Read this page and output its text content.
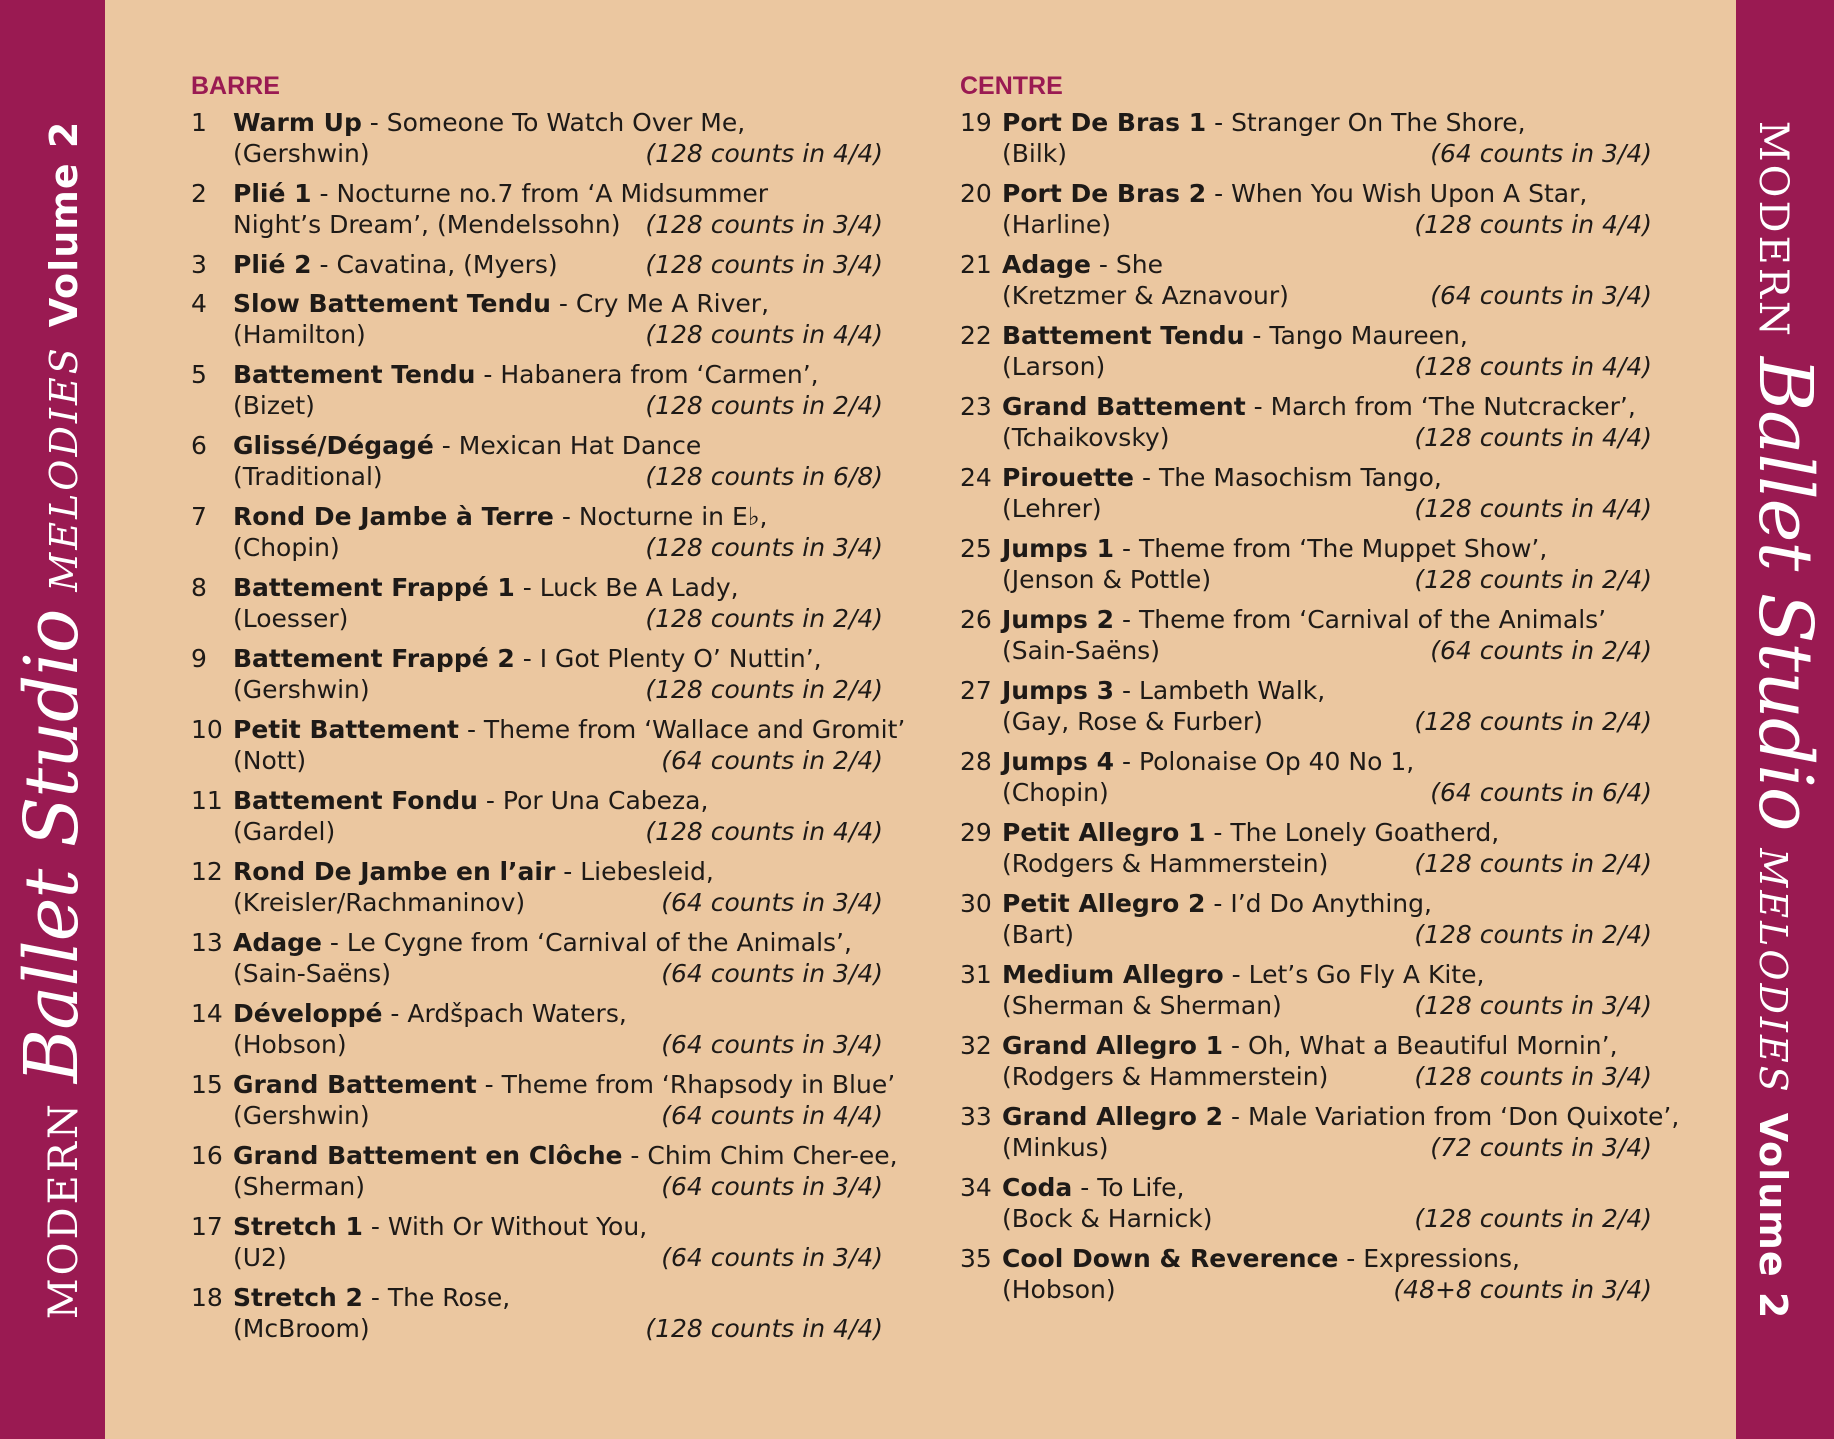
MODERN
Ballet Studio
MELODIES
Volume 2
BARRE
1	Warm Up - Someone To Watch Over Me,
(Gershwin)	(128 counts in 4/4)
2	Plié 1 - Nocturne no.7 from ‘A Midsummer
Night’s Dream’, (Mendelssohn) (128 counts in 3/4)
3	Plié 2 - Cavatina, (Myers)	(128 counts in 3/4)
4	Slow Battement Tendu - Cry Me A River,
(Hamilton)	(128 counts in 4/4)
5	Battement Tendu - Habanera from ‘Carmen’,
(Bizet)	(128 counts in 2/4)
6	Glissé/Dégagé - Mexican Hat Dance
(Traditional)	(128 counts in 6/8)
7	Rond De Jambe à Terre - Nocturne in E♭,
(Chopin)	(128 counts in 3/4)
8	Battement Frappé 1 - Luck Be A Lady,
(Loesser)	(128 counts in 2/4)
9	Battement Frappé 2 - I Got Plenty O’ Nuttin’,
(Gershwin)	(128 counts in 2/4)
10 Petit Battement - Theme from ‘Wallace and Gromit’
(Nott)	(64 counts in 2/4)
11 Battement Fondu - Por Una Cabeza,
(Gardel)	(128 counts in 4/4)
12 Rond De Jambe en l’air - Liebesleid,
(Kreisler/Rachmaninov)	(64 counts in 3/4)
13 Adage - Le Cygne from ‘Carnival of the Animals’,
(Sain-Saëns)	(64 counts in 3/4)
14 Développé - Ardšpach Waters,
(Hobson)	(64 counts in 3/4)
15 Grand Battement - Theme from ‘Rhapsody in Blue’
(Gershwin)	(64 counts in 4/4)
16 Grand Battement en Clôche - Chim Chim Cher-ee,
(Sherman)	(64 counts in 3/4)
17 Stretch 1 - With Or Without You,
(U2)	(64 counts in 3/4)
18 Stretch 2 - The Rose,
(McBroom)	(128 counts in 4/4)
CENTRE
19 Port De Bras 1 - Stranger On The Shore,
(Bilk)	(64 counts in 3/4)
20 Port De Bras 2 - When You Wish Upon A Star,
(Harline)	(128 counts in 4/4)
21 Adage - She
(Kretzmer & Aznavour)	(64 counts in 3/4)
22 Battement Tendu - Tango Maureen,
(Larson)	(128 counts in 4/4)
23 Grand Battement - March from ‘The Nutcracker’,
(Tchaikovsky)	(128 counts in 4/4)
24 Pirouette - The Masochism Tango,
(Lehrer)	(128 counts in 4/4)
25 Jumps 1 - Theme from ‘The Muppet Show’,
(Jenson & Pottle)	(128 counts in 2/4)
26 Jumps 2 - Theme from ‘Carnival of the Animals’
(Sain-Saëns)	(64 counts in 2/4)
27 Jumps 3 - Lambeth Walk,
(Gay, Rose & Furber)	(128 counts in 2/4)
28 Jumps 4 - Polonaise Op 40 No 1,
(Chopin)	(64 counts in 6/4)
29 Petit Allegro 1 - The Lonely Goatherd,
(Rodgers & Hammerstein)	(128 counts in 2/4)
30 Petit Allegro 2 - I’d Do Anything,
(Bart)	(128 counts in 2/4)
31 Medium Allegro - Let’s Go Fly A Kite,
(Sherman & Sherman)	(128 counts in 3/4)
32 Grand Allegro 1 - Oh, What a Beautiful Mornin’,
(Rodgers & Hammerstein)	(128 counts in 3/4)
33 Grand Allegro 2 - Male Variation from ‘Don Quixote’,
(Minkus)	(72 counts in 3/4)
34 Coda - To Life,
(Bock & Harnick)	(128 counts in 2/4)
35 Cool Down & Reverence - Expressions,
(Hobson)	(48+8 counts in 3/4)
MODERN
Ballet Studio
MELODIES
Volume 2
